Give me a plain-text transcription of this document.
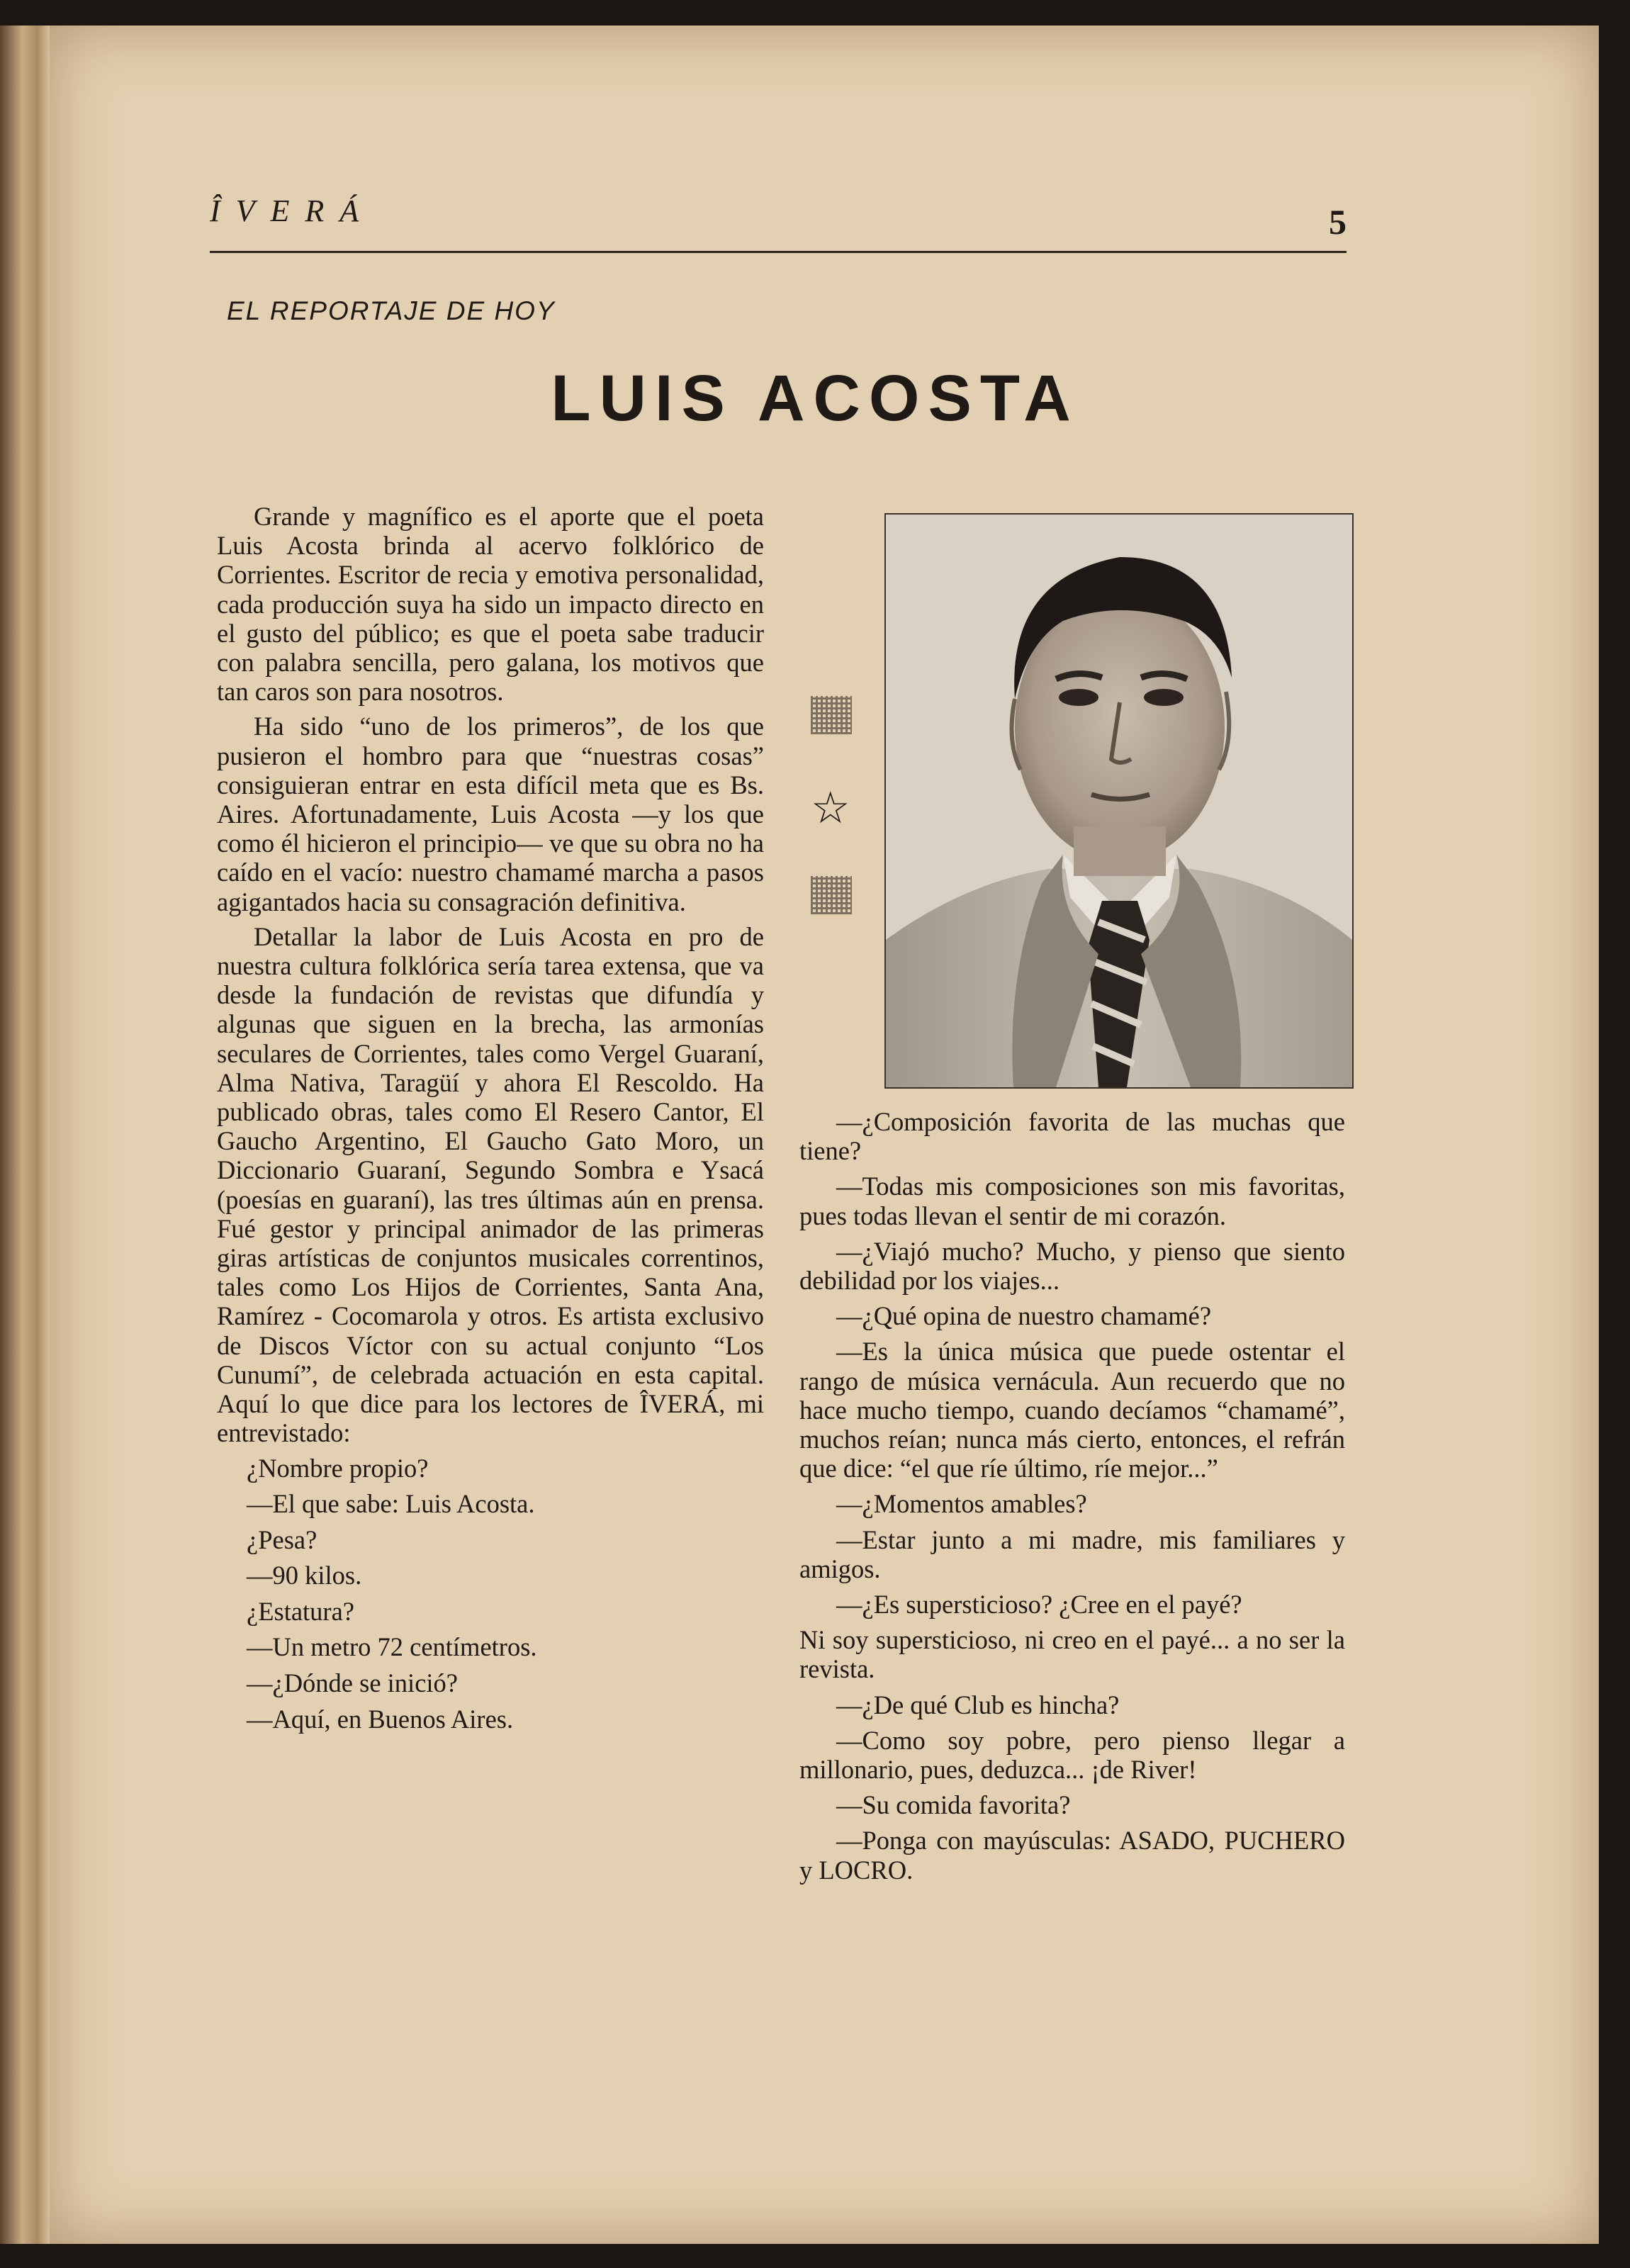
ÎVERÁ	5
EL REPORTAJE DE HOY
LUIS ACOSTA

Grande y magnífico es el aporte que el poeta Luis Acosta brinda al acervo folklórico de Corrientes. Escritor de recia y emotiva personalidad, cada producción suya ha sido un impacto directo en el gusto del público; es que el poeta sabe traducir con palabra sencilla, pero galana, los motivos que tan caros son para nosotros.

Ha sido “uno de los primeros”, de los que pusieron el hombro para que “nuestras cosas” consiguieran entrar en esta difícil meta que es Bs. Aires. Afortunadamente, Luis Acosta —y los que como él hicieron el principio— ve que su obra no ha caído en el vacío: nuestro chamamé marcha a pasos agigantados hacia su consagración definitiva.

Detallar la labor de Luis Acosta en pro de nuestra cultura folklórica sería tarea extensa, que va desde la fundación de revistas que difundía y algunas que siguen en la brecha, las armonías seculares de Corrientes, tales como Vergel Guaraní, Alma Nativa, Taragüí y ahora El Rescoldo. Ha publicado obras, tales como El Resero Cantor, El Gaucho Argentino, El Gaucho Gato Moro, un Diccionario Guaraní, Segundo Sombra e Ysacá (poesías en guaraní), las tres últimas aún en prensa. Fué gestor y principal animador de las primeras giras artísticas de conjuntos musicales correntinos, tales como Los Hijos de Corrientes, Santa Ana, Ramírez - Cocomarola y otros. Es artista exclusivo de Discos Víctor con su actual conjunto “Los Cunumí”, de celebrada actuación en esta capital. Aquí lo que dice para los lectores de ÎVERÁ, mi entrevistado:

¿Nombre propio?

—El que sabe: Luis Acosta.

¿Pesa?

—90 kilos.

¿Estatura?

—Un metro 72 centímetros.

—¿Dónde se inició?

—Aquí, en Buenos Aires.

☆

—¿Composición favorita de las muchas que tiene?

—Todas mis composiciones son mis favoritas, pues todas llevan el sentir de mi corazón.

—¿Viajó mucho? Mucho, y pienso que siento debilidad por los viajes...

—¿Qué opina de nuestro chamamé?

—Es la única música que puede ostentar el rango de música vernácula. Aun recuerdo que no hace mucho tiempo, cuando decíamos “chamamé”, muchos reían; nunca más cierto, entonces, el refrán que dice: “el que ríe último, ríe mejor...”

—¿Momentos amables?

—Estar junto a mi madre, mis familiares y amigos.

—¿Es supersticioso? ¿Cree en el payé?

Ni soy supersticioso, ni creo en el payé... a no ser la revista.

—¿De qué Club es hincha?

—Como soy pobre, pero pienso llegar a millonario, pues, deduzca... ¡de River!

—Su comida favorita?

—Ponga con mayúsculas: ASADO, PUCHERO y LOCRO.
